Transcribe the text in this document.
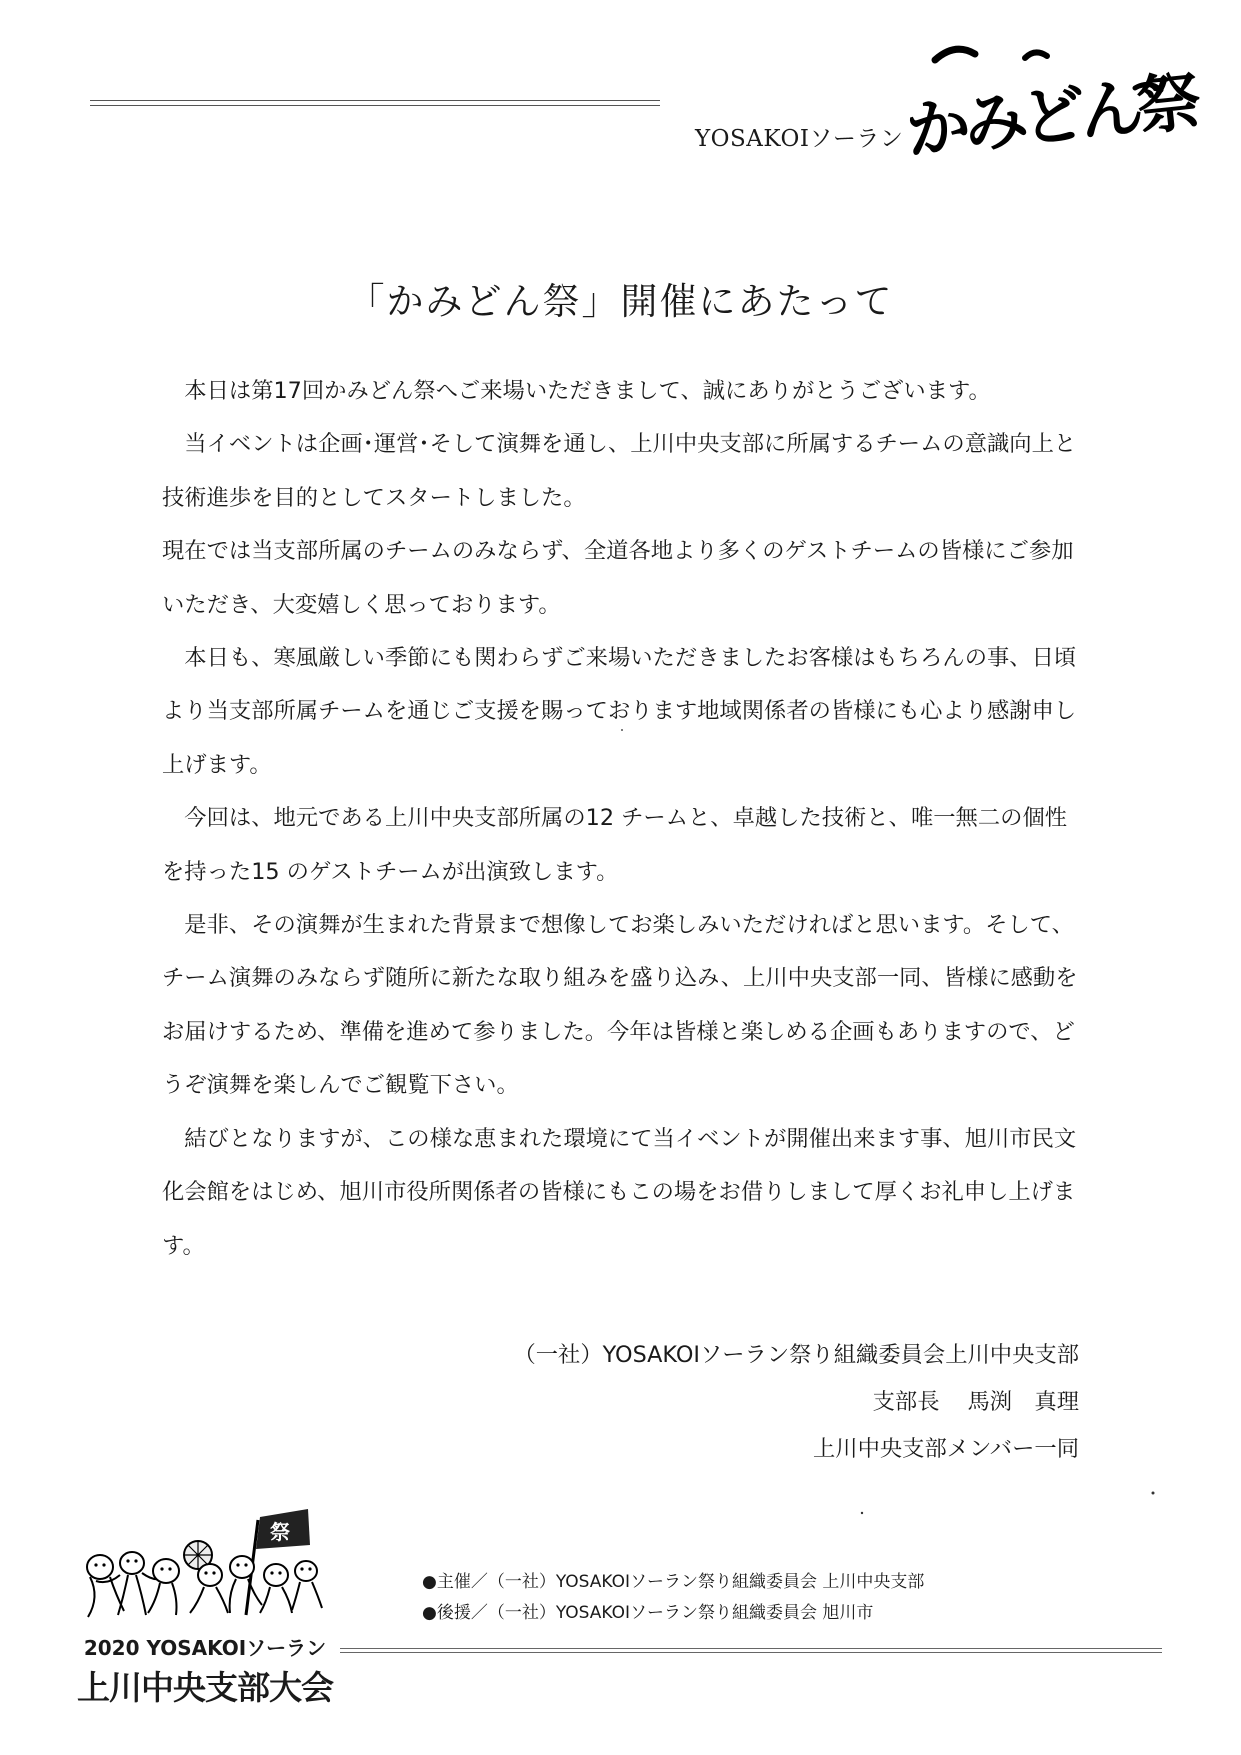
YOSAKOIソーラン かみどん祭
「かみどん祭」開催にあたって

本日は第17回かみどん祭へご来場いただきまして、誠にありがとうございます。

当イベントは企画･運営･そして演舞を通し、上川中央支部に所属するチームの意識向上と技術進歩を目的としてスタートしました。

現在では当支部所属のチームのみならず、全道各地より多くのゲストチームの皆様にご参加いただき、大変嬉しく思っております。

本日も、寒風厳しい季節にも関わらずご来場いただきましたお客様はもちろんの事、日頃より当支部所属チームを通じご支援を賜っております地域関係者の皆様にも心より感謝申し上げます。

今回は、地元である上川中央支部所属の12 チームと、卓越した技術と、唯一無二の個性を持った15 のゲストチームが出演致します。

是非、その演舞が生まれた背景まで想像してお楽しみいただければと思います。そして、チーム演舞のみならず随所に新たな取り組みを盛り込み、上川中央支部一同、皆様に感動をお届けするため、準備を進めて参りました。今年は皆様と楽しめる企画もありますので、どうぞ演舞を楽しんでご観覧下さい。

結びとなりますが、この様な恵まれた環境にて当イベントが開催出来ます事、旭川市民文化会館をはじめ、旭川市役所関係者の皆様にもこの場をお借りしまして厚くお礼申し上げます。

（一社）YOSAKOIソーラン祭り組織委員会上川中央支部
支部長 馬渕　真理
上川中央支部メンバー一同
祭
2020 YOSAKOIソーラン
上川中央支部大会
●主催／（一社）YOSAKOIソーラン祭り組織委員会 上川中央支部
●後援／（一社）YOSAKOIソーラン祭り組織委員会 旭川市
